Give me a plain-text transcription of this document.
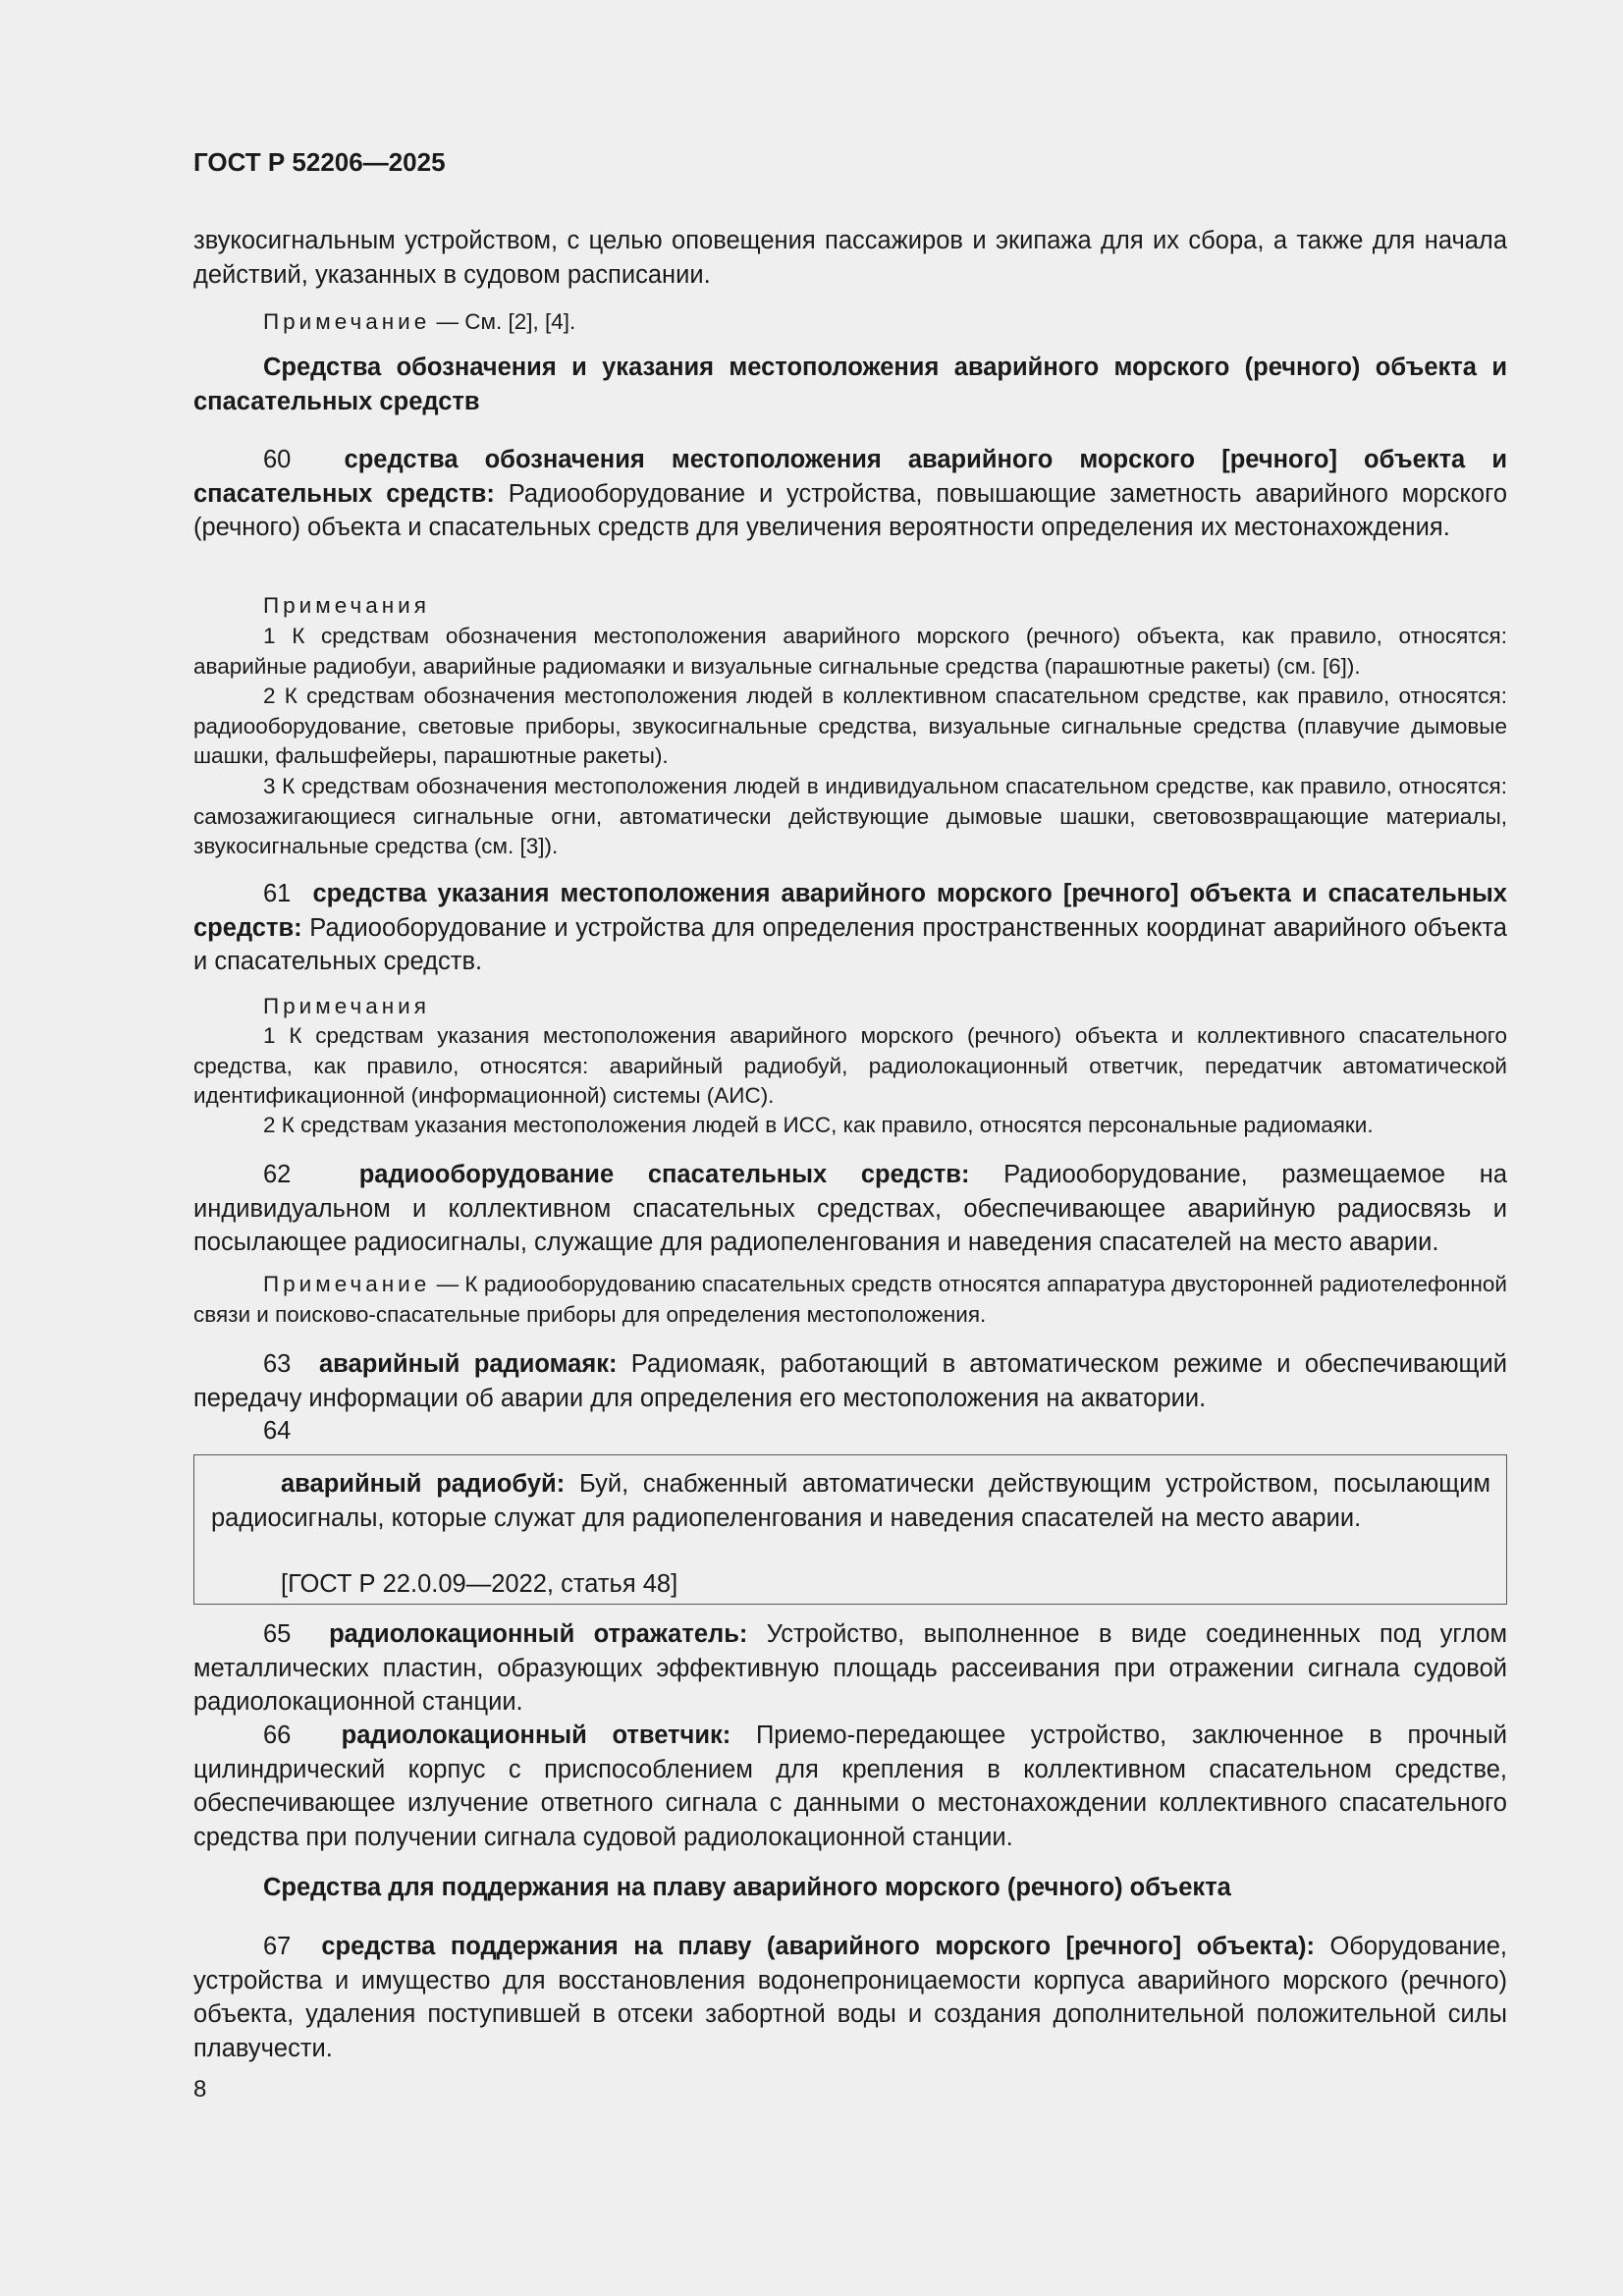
ГОСТ Р 52206—2025
звукосигнальным устройством, с целью оповещения пассажиров и экипажа для их сбора, а также для начала действий, указанных в судовом расписании.
Примечание — См. [2], [4].
Средства обозначения и указания местоположения аварийного морского (речного) объекта и спасательных средств
60 средства обозначения местоположения аварийного морского [речного] объекта и спасательных средств: Радиооборудование и устройства, повышающие заметность аварийного морского (речного) объекта и спасательных средств для увеличения вероятности определения их местонахождения.
Примечания
1 К средствам обозначения местоположения аварийного морского (речного) объекта, как правило, относятся: аварийные радиобуи, аварийные радиомаяки и визуальные сигнальные средства (парашютные ракеты) (см. [6]).
2 К средствам обозначения местоположения людей в коллективном спасательном средстве, как правило, относятся: радиооборудование, световые приборы, звукосигнальные средства, визуальные сигнальные средства (плавучие дымовые шашки, фальшфейеры, парашютные ракеты).
3 К средствам обозначения местоположения людей в индивидуальном спасательном средстве, как правило, относятся: самозажигающиеся сигнальные огни, автоматически действующие дымовые шашки, световозвращающие материалы, звукосигнальные средства (см. [3]).
61 средства указания местоположения аварийного морского [речного] объекта и спасательных средств: Радиооборудование и устройства для определения пространственных координат аварийного объекта и спасательных средств.
Примечания
1 К средствам указания местоположения аварийного морского (речного) объекта и коллективного спасательного средства, как правило, относятся: аварийный радиобуй, радиолокационный ответчик, передатчик автоматической идентификационной (информационной) системы (АИС).
2 К средствам указания местоположения людей в ИСС, как правило, относятся персональные радиомаяки.
62	радиооборудование спасательных средств: Радиооборудование, размещаемое на индивидуальном и коллективном спасательных средствах, обеспечивающее аварийную радиосвязь и посылающее радиосигналы, служащие для радиопеленгования и наведения спасателей на место аварии.
Примечание — К радиооборудованию спасательных средств относятся аппаратура двусторонней радиотелефонной связи и поисково-спасательные приборы для определения местоположения.
63 аварийный радиомаяк: Радиомаяк, работающий в автоматическом режиме и обеспечивающий передачу информации об аварии для определения его местоположения на акватории.
64
аварийный радиобуй: Буй, снабженный автоматически действующим устройством, посылающим радиосигналы, которые служат для радиопеленгования и наведения спасателей на место аварии.
[ГОСТ Р 22.0.09—2022, статья 48]
65 радиолокационный отражатель: Устройство, выполненное в виде соединенных под углом металлических пластин, образующих эффективную площадь рассеивания при отражении сигнала судовой радиолокационной станции.
66 радиолокационный ответчик: Приемо-передающее устройство, заключенное в прочный цилиндрический корпус с приспособлением для крепления в коллективном спасательном средстве, обеспечивающее излучение ответного сигнала с данными о местонахождении коллективного спасательного средства при получении сигнала судовой радиолокационной станции.
Средства для поддержания на плаву аварийного морского (речного) объекта
67 средства поддержания на плаву (аварийного морского [речного] объекта): Оборудование, устройства и имущество для восстановления водонепроницаемости корпуса аварийного морского (речного) объекта, удаления поступившей в отсеки забортной воды и создания дополнительной положительной силы плавучести.
8
